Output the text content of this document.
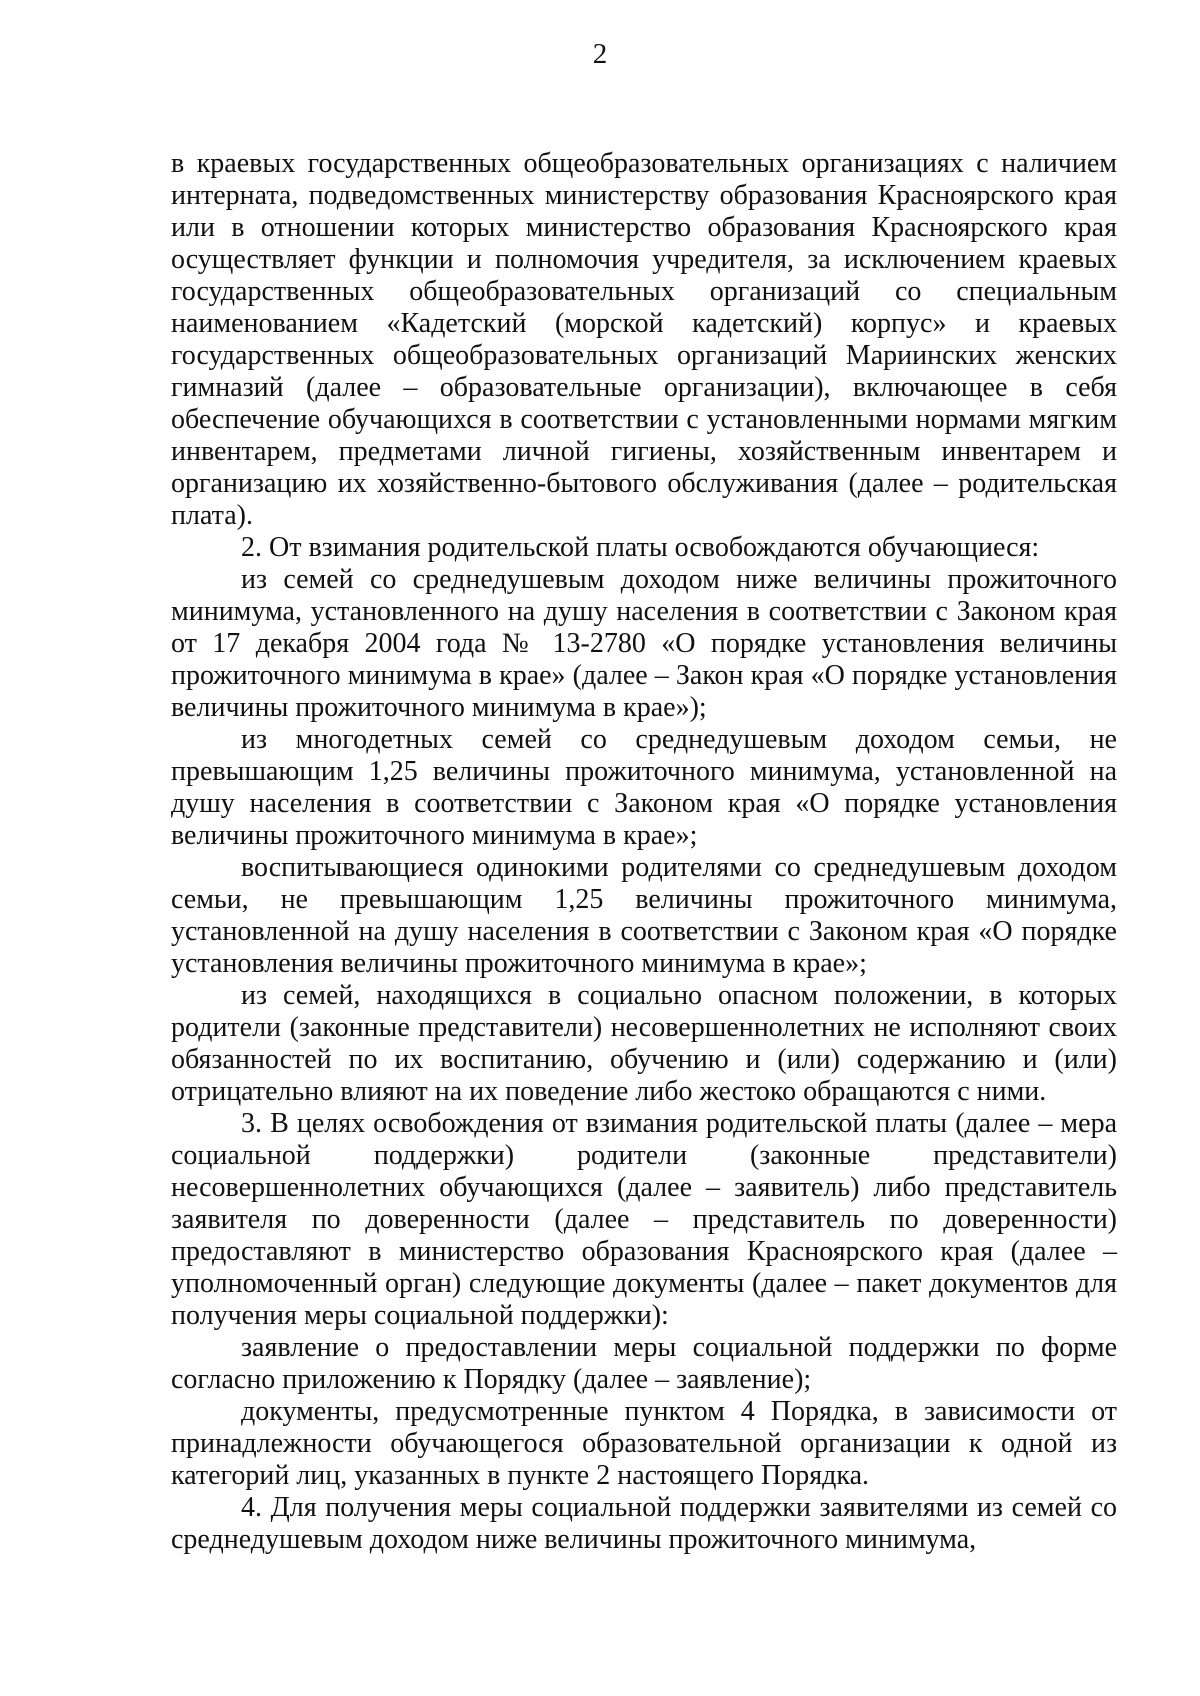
2

в краевых государственных общеобразовательных организациях с наличием интерната, подведомственных министерству образования Красноярского края или в отношении которых министерство образования Красноярского края осуществляет функции и полномочия учредителя, за исключением краевых государственных общеобразовательных организаций со специальным наименованием «Кадетский (морской кадетский) корпус» и краевых государственных общеобразовательных организаций Мариинских женских гимназий (далее – образовательные организации), включающее в себя обеспечение обучающихся в соответствии с установленными нормами мягким инвентарем, предметами личной гигиены, хозяйственным инвентарем и организацию их хозяйственно-бытового обслуживания (далее – родительская плата).

2. От взимания родительской платы освобождаются обучающиеся:

из семей со среднедушевым доходом ниже величины прожиточного минимума, установленного на душу населения в соответствии с Законом края от 17 декабря 2004 года № 13-2780 «О порядке установления величины прожиточного минимума в крае» (далее – Закон края «О порядке установления величины прожиточного минимума в крае»);

из многодетных семей со среднедушевым доходом семьи, не превышающим 1,25 величины прожиточного минимума, установленной на душу населения в соответствии с Законом края «О порядке установления величины прожиточного минимума в крае»;

воспитывающиеся одинокими родителями со среднедушевым доходом семьи, не превышающим 1,25 величины прожиточного минимума, установленной на душу населения в соответствии с Законом края «О порядке установления величины прожиточного минимума в крае»;

из семей, находящихся в социально опасном положении, в которых родители (законные представители) несовершеннолетних не исполняют своих обязанностей по их воспитанию, обучению и (или) содержанию и (или) отрицательно влияют на их поведение либо жестоко обращаются с ними.

3. В целях освобождения от взимания родительской платы (далее – мера социальной поддержки) родители (законные представители) несовершеннолетних обучающихся (далее – заявитель) либо представитель заявителя по доверенности (далее – представитель по доверенности) предоставляют в министерство образования Красноярского края (далее – уполномоченный орган) следующие документы (далее – пакет документов для получения меры социальной поддержки):

заявление о предоставлении меры социальной поддержки по форме согласно приложению к Порядку (далее – заявление);

документы, предусмотренные пунктом 4 Порядка, в зависимости от принадлежности обучающегося образовательной организации к одной из категорий лиц, указанных в пункте 2 настоящего Порядка.

4. Для получения меры социальной поддержки заявителями из семей со среднедушевым доходом ниже величины прожиточного минимума,
